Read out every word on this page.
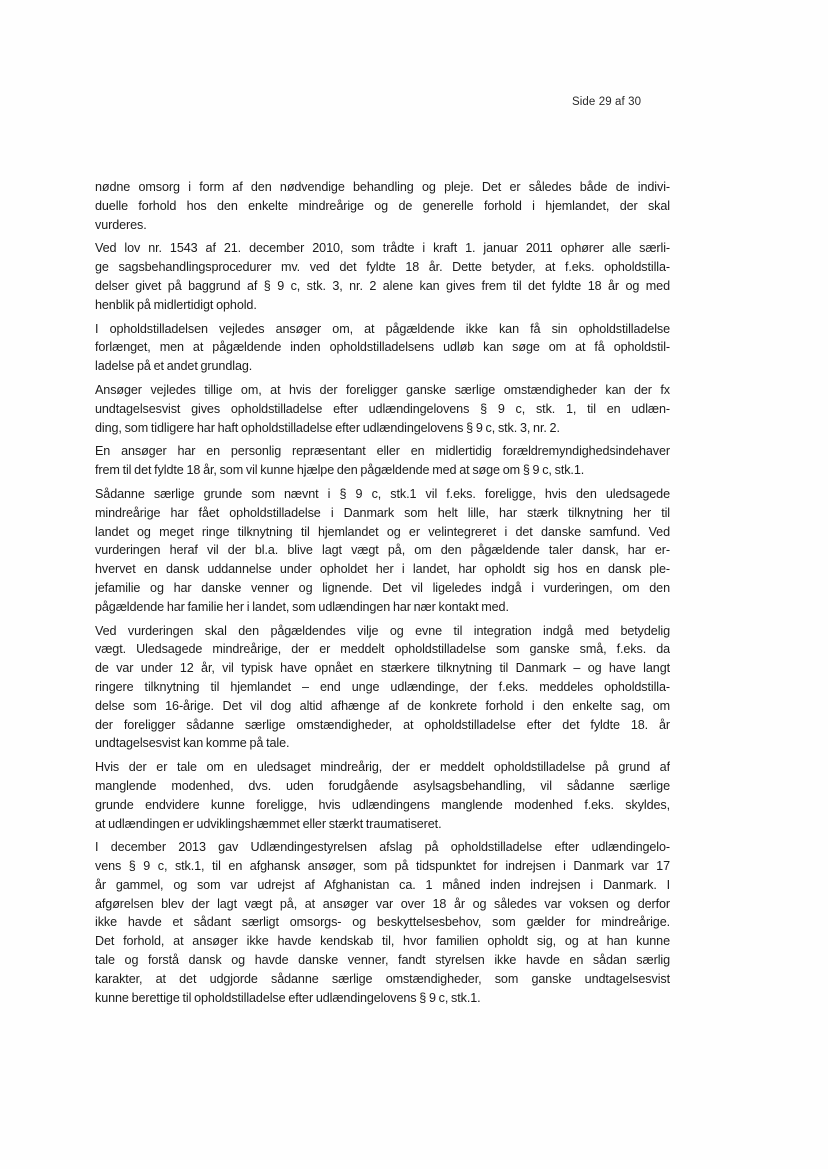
Side 29 af 30
nødne omsorg i form af den nødvendige behandling og pleje. Det er således både de indivi-
duelle forhold hos den enkelte mindreårige og de generelle forhold i hjemlandet, der skal
vurderes.
Ved lov nr. 1543 af 21. december 2010, som trådte i kraft 1. januar 2011 ophører alle særli-
ge sagsbehandlingsprocedurer mv. ved det fyldte 18 år. Dette betyder, at f.eks. opholdstilla-
delser givet på baggrund af § 9 c, stk. 3, nr. 2 alene kan gives frem til det fyldte 18 år og med
henblik på midlertidigt ophold.
I opholdstilladelsen vejledes ansøger om, at pågældende ikke kan få sin opholdstilladelse
forlænget, men at pågældende inden opholdstilladelsens udløb kan søge om at få opholdstil-
ladelse på et andet grundlag.
Ansøger vejledes tillige om, at hvis der foreligger ganske særlige omstændigheder kan der fx
undtagelsesvist gives opholdstilladelse efter udlændingelovens § 9 c, stk. 1, til en udlæn-
ding, som tidligere har haft opholdstilladelse efter udlændingelovens § 9 c, stk. 3, nr. 2.
En ansøger har en personlig repræsentant eller en midlertidig forældremyndighedsindehaver
frem til det fyldte 18 år, som vil kunne hjælpe den pågældende med at søge om § 9 c, stk.1.
Sådanne særlige grunde som nævnt i § 9 c, stk.1 vil f.eks. foreligge, hvis den uledsagede
mindreårige har fået opholdstilladelse i Danmark som helt lille, har stærk tilknytning her til
landet og meget ringe tilknytning til hjemlandet og er velintegreret i det danske samfund. Ved
vurderingen heraf vil der bl.a. blive lagt vægt på, om den pågældende taler dansk, har er-
hvervet en dansk uddannelse under opholdet her i landet, har opholdt sig hos en dansk ple-
jefamilie og har danske venner og lignende. Det vil ligeledes indgå i vurderingen, om den
pågældende har familie her i landet, som udlændingen har nær kontakt med.
Ved vurderingen skal den pågældendes vilje og evne til integration indgå med betydelig
vægt. Uledsagede mindreårige, der er meddelt opholdstilladelse som ganske små, f.eks. da
de var under 12 år, vil typisk have opnået en stærkere tilknytning til Danmark – og have langt
ringere tilknytning til hjemlandet – end unge udlændinge, der f.eks. meddeles opholdstilla-
delse som 16-årige. Det vil dog altid afhænge af de konkrete forhold i den enkelte sag, om
der foreligger sådanne særlige omstændigheder, at opholdstilladelse efter det fyldte 18. år
undtagelsesvist kan komme på tale.
Hvis der er tale om en uledsaget mindreårig, der er meddelt opholdstilladelse på grund af
manglende modenhed, dvs. uden forudgående asylsagsbehandling, vil sådanne særlige
grunde endvidere kunne foreligge, hvis udlændingens manglende modenhed f.eks. skyldes,
at udlændingen er udviklingshæmmet eller stærkt traumatiseret.
I december 2013 gav Udlændingestyrelsen afslag på opholdstilladelse efter udlændingelo-
vens § 9 c, stk.1, til en afghansk ansøger, som på tidspunktet for indrejsen i Danmark var 17
år gammel, og som var udrejst af Afghanistan ca. 1 måned inden indrejsen i Danmark. I
afgørelsen blev der lagt vægt på, at ansøger var over 18 år og således var voksen og derfor
ikke havde et sådant særligt omsorgs- og beskyttelsesbehov, som gælder for mindreårige.
Det forhold, at ansøger ikke havde kendskab til, hvor familien opholdt sig, og at han kunne
tale og forstå dansk og havde danske venner, fandt styrelsen ikke havde en sådan særlig
karakter, at det udgjorde sådanne særlige omstændigheder, som ganske undtagelsesvist
kunne berettige til opholdstilladelse efter udlændingelovens § 9 c, stk.1.
